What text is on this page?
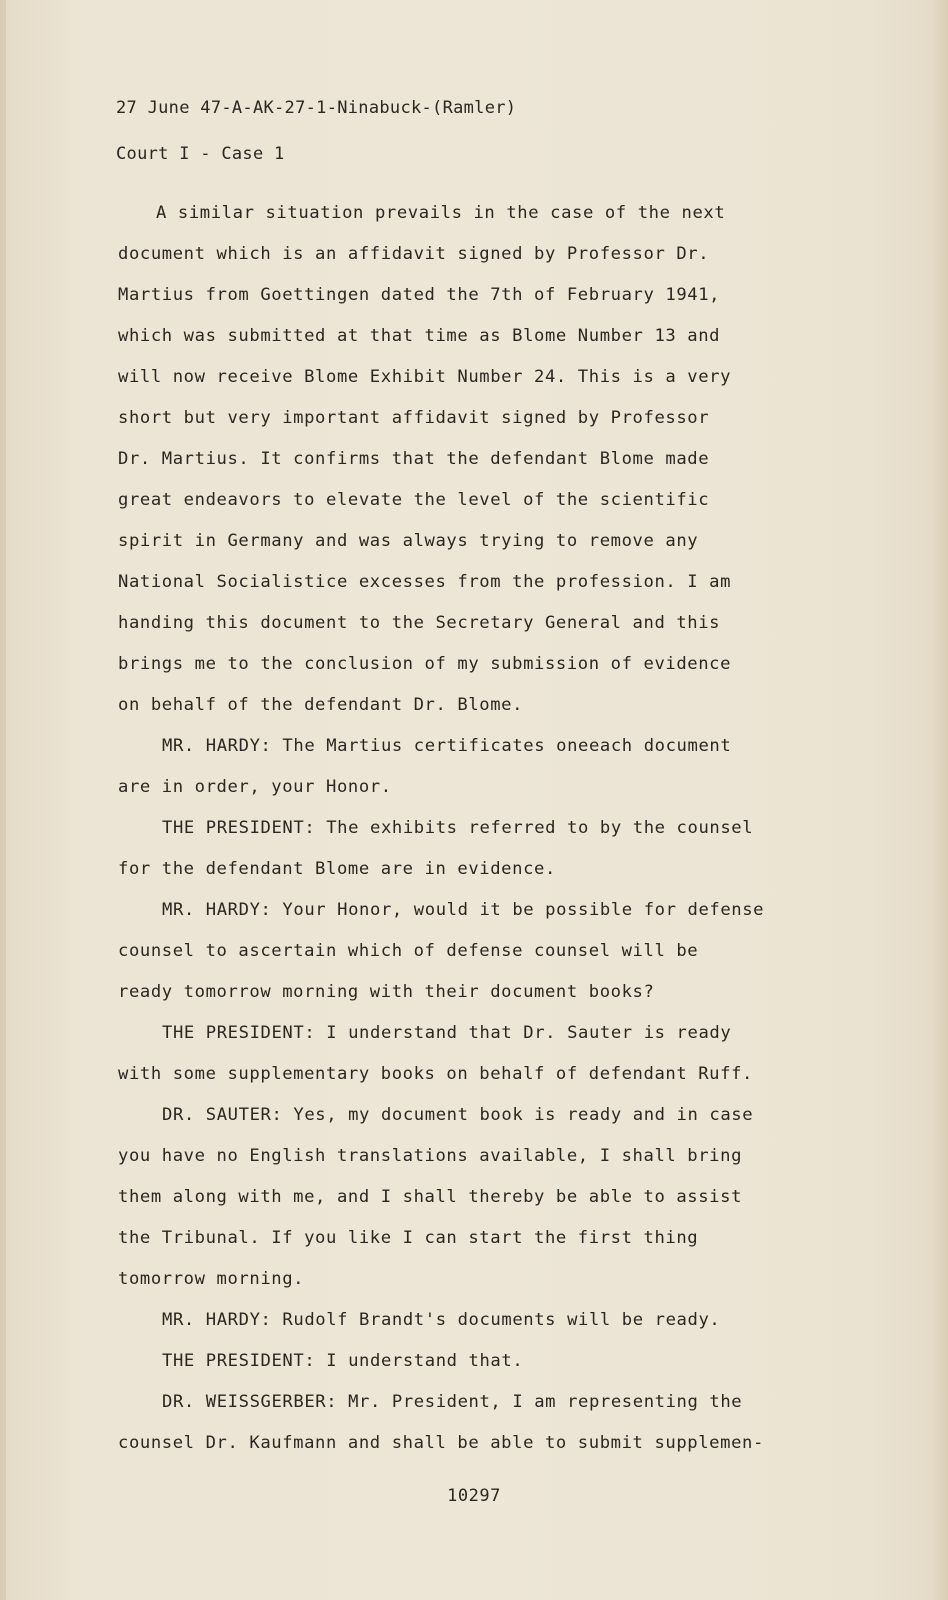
27 June 47-A-AK-27-1-Ninabuck-(Ramler)
Court I - Case 1
A similar situation prevails in the case of the next
document which is an affidavit signed by Professor Dr.
Martius from Goettingen dated the 7th of February 1941,
which was submitted at that time as Blome Number 13 and
will now receive Blome Exhibit Number 24. This is a very
short but very important affidavit signed by Professor
Dr. Martius. It confirms that the defendant Blome made
great endeavors to elevate the level of the scientific
spirit in Germany and was always trying to remove any
National Socialistice excesses from the profession. I am
handing this document to the Secretary General and this
brings me to the conclusion of my submission of evidence
on behalf of the defendant Dr. Blome.
MR. HARDY: The Martius certificates oneeach document
are in order, your Honor.
THE PRESIDENT: The exhibits referred to by the counsel
for the defendant Blome are in evidence.
MR. HARDY: Your Honor, would it be possible for defense
counsel to ascertain which of defense counsel will be
ready tomorrow morning with their document books?
THE PRESIDENT: I understand that Dr. Sauter is ready
with some supplementary books on behalf of defendant Ruff.
DR. SAUTER: Yes, my document book is ready and in case
you have no English translations available, I shall bring
them along with me, and I shall thereby be able to assist
the Tribunal. If you like I can start the first thing
tomorrow morning.
MR. HARDY: Rudolf Brandt's documents will be ready.
THE PRESIDENT: I understand that.
DR. WEISSGERBER: Mr. President, I am representing the
counsel Dr. Kaufmann and shall be able to submit supplemen-
10297
